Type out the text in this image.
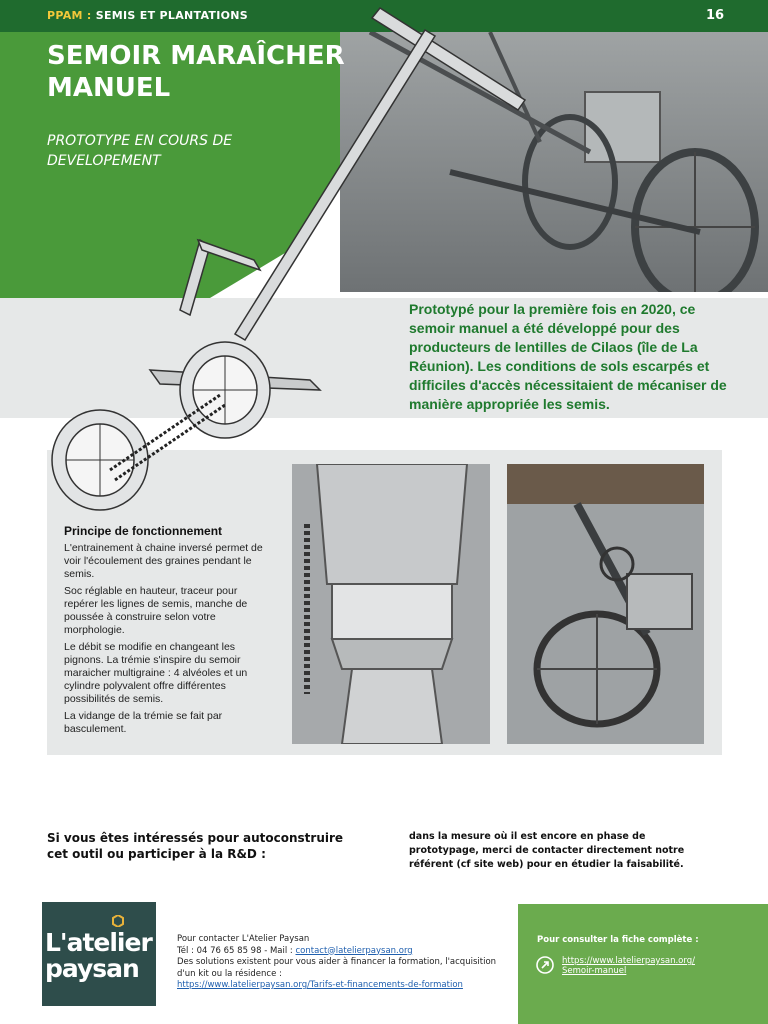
PPAM : SEMIS ET PLANTATIONS	16
SEMOIR MARAÎCHER MANUEL
PROTOTYPE EN COURS DE DEVELOPEMENT
Prototypé pour la première fois en 2020, ce semoir manuel a été développé pour des producteurs de lentilles de Cilaos (île de La Réunion). Les conditions de sols escarpés et difficiles d'accès nécessitaient de mécaniser de manière appropriée les semis.
Principe de fonctionnement

L'entrainement à chaine inversé permet de voir l'écoulement des graines pendant le semis.

Soc réglable en hauteur, traceur pour repérer les lignes de semis, manche de poussée à construire selon votre morphologie.

Le débit se modifie en changeant les pignons. La trémie s'inspire du semoir maraicher multigraine : 4 alvéoles et un cylindre polyvalent offre différentes possibilités de semis.

La vidange de la trémie se fait par basculement.

Si vous êtes intéressés pour autoconstruire cet outil ou participer à la R&D :
dans la mesure où il est encore en phase de prototypage, merci de contacter directement notre référent (cf site web) pour en étudier la faisabilité.
L'atelier
paysan

Pour contacter L'Atelier Paysan

Tél : 04 76 65 85 98 - Mail : contact@latelierpaysan.org

Des solutions existent pour vous aider à financer la formation, l'acquisition d'un kit ou la résidence :

https://www.latelierpaysan.org/Tarifs-et-financements-de-formation

Pour consulter la fiche complète :
https://www.latelierpaysan.org/ Semoir-manuel
